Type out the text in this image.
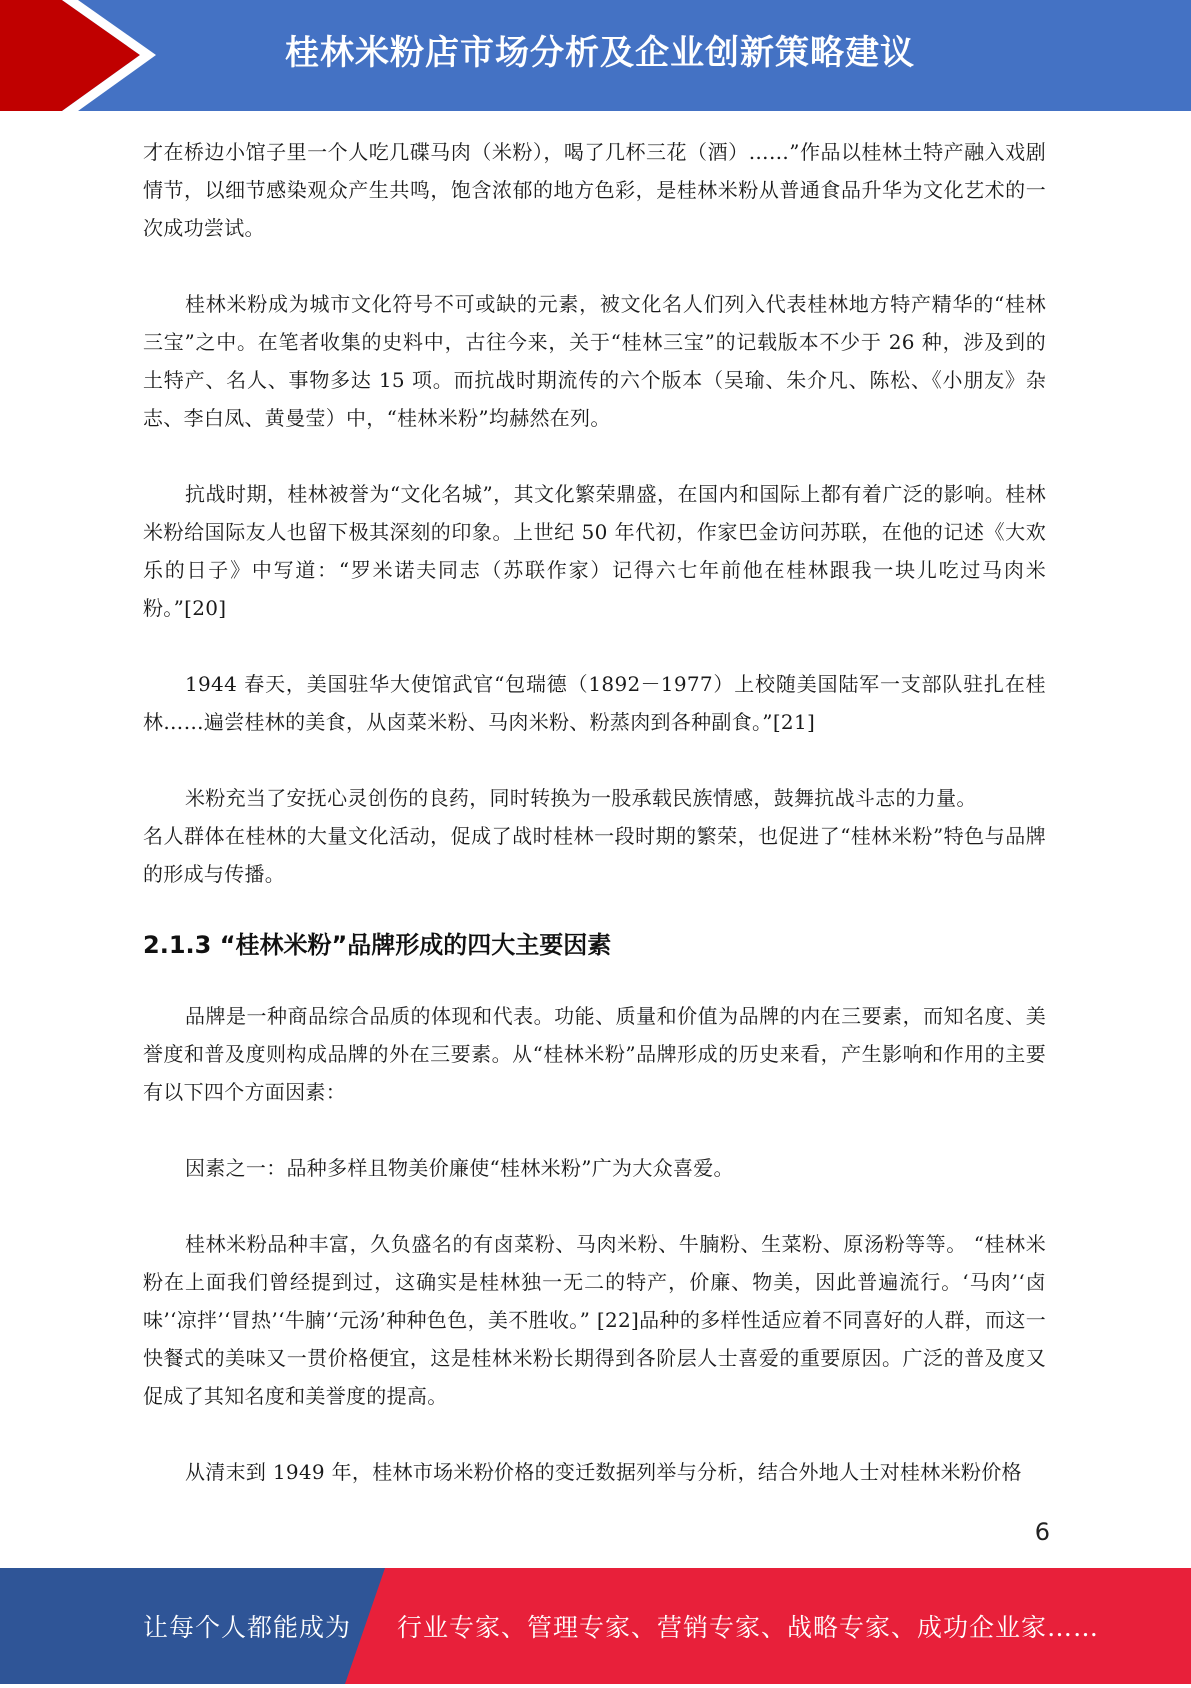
桂林米粉店市场分析及企业创新策略建议

才在桥边小馆子里一个人吃几碟马肉（米粉），喝了几杯三花（酒）……”作品以桂林土特产融入戏剧情节，以细节感染观众产生共鸣，饱含浓郁的地方色彩，是桂林米粉从普通食品升华为文化艺术的一次成功尝试。

桂林米粉成为城市文化符号不可或缺的元素，被文化名人们列入代表桂林地方特产精华的“桂林三宝”之中。在笔者收集的史料中，古往今来，关于“桂林三宝”的记载版本不少于 26 种，涉及到的土特产、名人、事物多达 15 项。而抗战时期流传的六个版本（吴瑜、朱介凡、陈松、《小朋友》杂志、李白凤、黄曼莹）中，“桂林米粉”均赫然在列。

抗战时期，桂林被誉为“文化名城”，其文化繁荣鼎盛，在国内和国际上都有着广泛的影响。桂林米粉给国际友人也留下极其深刻的印象。上世纪 50 年代初，作家巴金访问苏联，在他的记述《大欢乐的日子》中写道：“罗米诺夫同志（苏联作家）记得六七年前他在桂林跟我一块儿吃过马肉米粉。”[20]

1944 春天，美国驻华大使馆武官“包瑞德（1892－1977）上校随美国陆军一支部队驻扎在桂林……遍尝桂林的美食，从卤菜米粉、马肉米粉、粉蒸肉到各种副食。”[21]

米粉充当了安抚心灵创伤的良药，同时转换为一股承载民族情感，鼓舞抗战斗志的力量。

名人群体在桂林的大量文化活动，促成了战时桂林一段时期的繁荣，也促进了“桂林米粉”特色与品牌的形成与传播。

2.1.3 “桂林米粉”品牌形成的四大主要因素

品牌是一种商品综合品质的体现和代表。功能、质量和价值为品牌的内在三要素，而知名度、美誉度和普及度则构成品牌的外在三要素。从“桂林米粉”品牌形成的历史来看，产生影响和作用的主要有以下四个方面因素：

因素之一：品种多样且物美价廉使“桂林米粉”广为大众喜爱。

桂林米粉品种丰富，久负盛名的有卤菜粉、马肉米粉、牛腩粉、生菜粉、原汤粉等等。 “桂林米粉在上面我们曾经提到过，这确实是桂林独一无二的特产，价廉、物美，因此普遍流行。‘马肉’‘卤味’‘凉拌’‘冒热’‘牛腩’‘元汤’种种色色，美不胜收。” [22]品种的多样性适应着不同喜好的人群，而这一快餐式的美味又一贯价格便宜，这是桂林米粉长期得到各阶层人士喜爱的重要原因。广泛的普及度又促成了其知名度和美誉度的提高。

从清末到 1949 年，桂林市场米粉价格的变迁数据列举与分析，结合外地人士对桂林米粉价格

6
让每个人都能成为 行业专家、管理专家、营销专家、战略专家、成功企业家……
